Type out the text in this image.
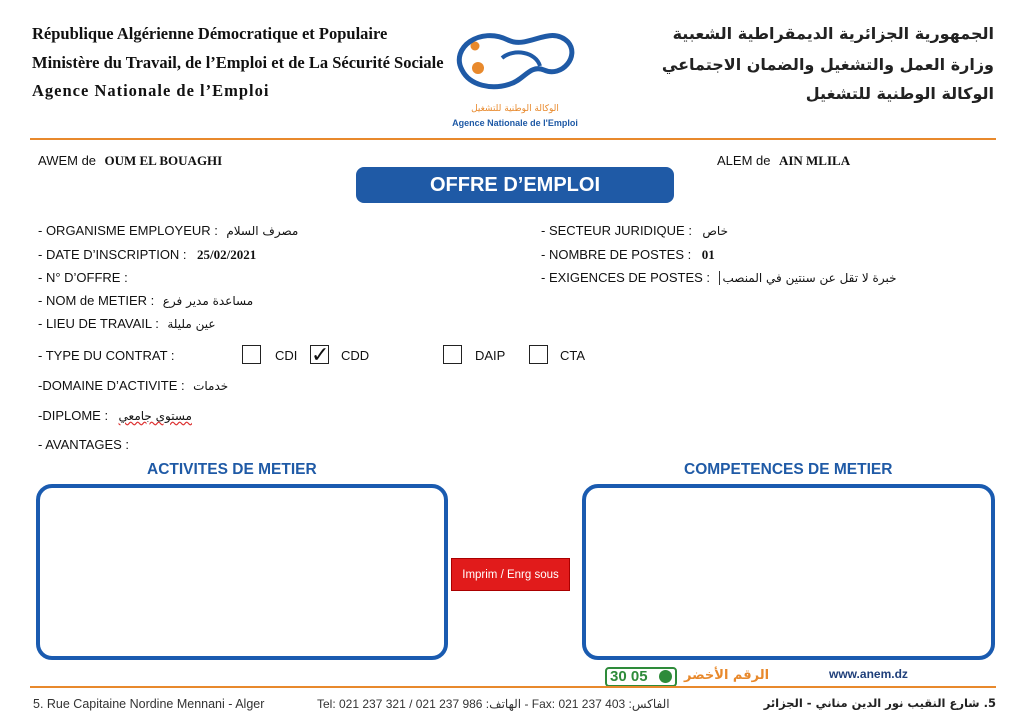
République Algérienne Démocratique et Populaire
Ministère du Travail, de l’Emploi et de La Sécurité Sociale
Agence Nationale de l’Emploi
الجمهورية الجزائرية الديمقراطية الشعبية
وزارة العمل والتشغيل والضمان الاجتماعي
الوكالة الوطنية للتشغيل
الوكالة الوطنية للتشغيل
Agence Nationale de l'Emploi
AWEM de OUM EL BOUAGHI	ALEM de AIN MLILA
OFFRE D’EMPLOI
- ORGANISME EMPLOYEUR : مصرف السلام
- DATE D’INSCRIPTION : 25/02/2021
- N° D’OFFRE :
- NOM de METIER : مساعدة مدير فرع
- LIEU DE TRAVAIL : عين مليلة
- SECTEUR JURIDIQUE : خاص
- NOMBRE DE POSTES : 01
- EXIGENCES DE POSTES : خبرة لا تقل عن سنتين في المنصب
- TYPE DU CONTRAT :	CDI ✓ CDD	DAIP	CTA
-DOMAINE D’ACTIVITE : خدمات
-DIPLOME : مستوى جامعي
- AVANTAGES :
ACTIVITES DE METIER	COMPETENCES DE METIER
Imprim / Enrg sous
30 05	الرقم الأخضر	www.anem.dz
5. Rue Capitaine Nordine Mennani - Alger	Tel: 021 237 321 / 021 237 986 :الهاتف - Fax: 021 237 403 :الفاكس	5. شارع النقيب نور الدين مناني - الجزائر
